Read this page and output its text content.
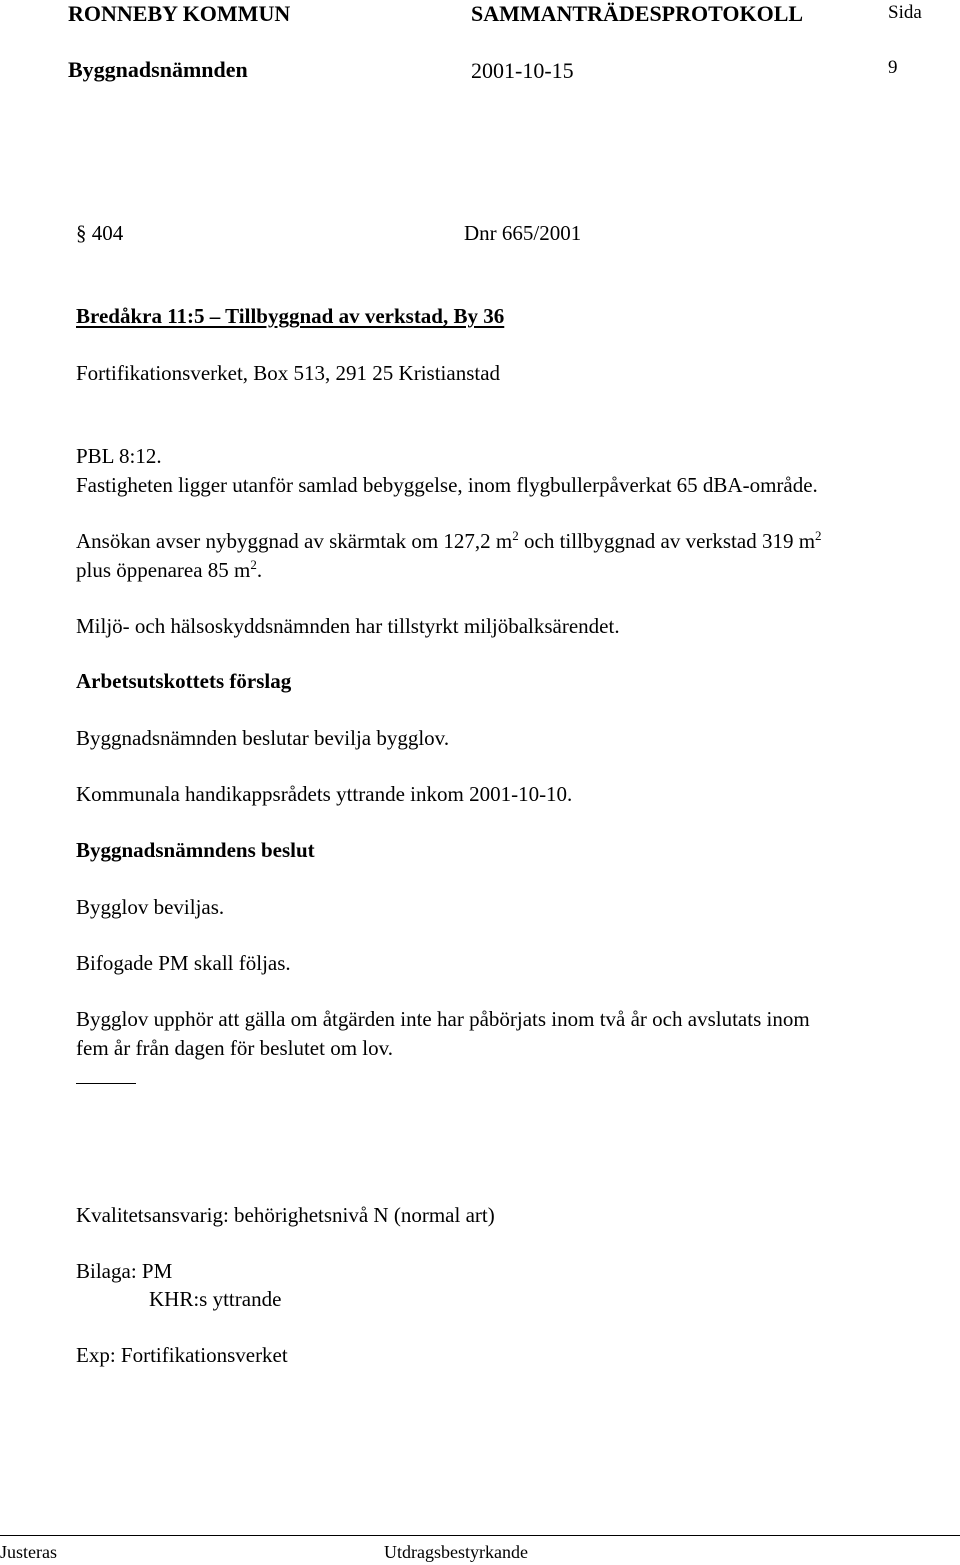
RONNEBY KOMMUN	SAMMANTRÄDESPROTOKOLL	Sida
Byggnadsnämnden	2001-10-15	9
§ 404	Dnr 665/2001
Bredåkra 11:5 – Tillbyggnad av verkstad, By 36
Fortifikationsverket, Box 513, 291 25 Kristianstad
PBL 8:12.
Fastigheten ligger utanför samlad bebyggelse, inom flygbullerpåverkat 65 dBA-område.
Ansökan avser nybyggnad av skärmtak om 127,2 $m^2$ och tillbyggnad av verkstad 319 $m^2$
plus öppenarea 85 $m^2$.
Miljö- och hälsoskyddsnämnden har tillstyrkt miljöbalksärendet.
Arbetsutskottets förslag
Byggnadsnämnden beslutar bevilja bygglov.
Kommunala handikappsrådets yttrande inkom 2001-10-10.
Byggnadsnämndens beslut
Bygglov beviljas.
Bifogade PM skall följas.
Bygglov upphör att gälla om åtgärden inte har påbörjats inom två år och avslutats inom
fem år från dagen för beslutet om lov.
Kvalitetsansvarig: behörighetsnivå N (normal art)
Bilaga: PM
KHR:s yttrande
Exp: Fortifikationsverket
Justeras	Utdragsbestyrkande
